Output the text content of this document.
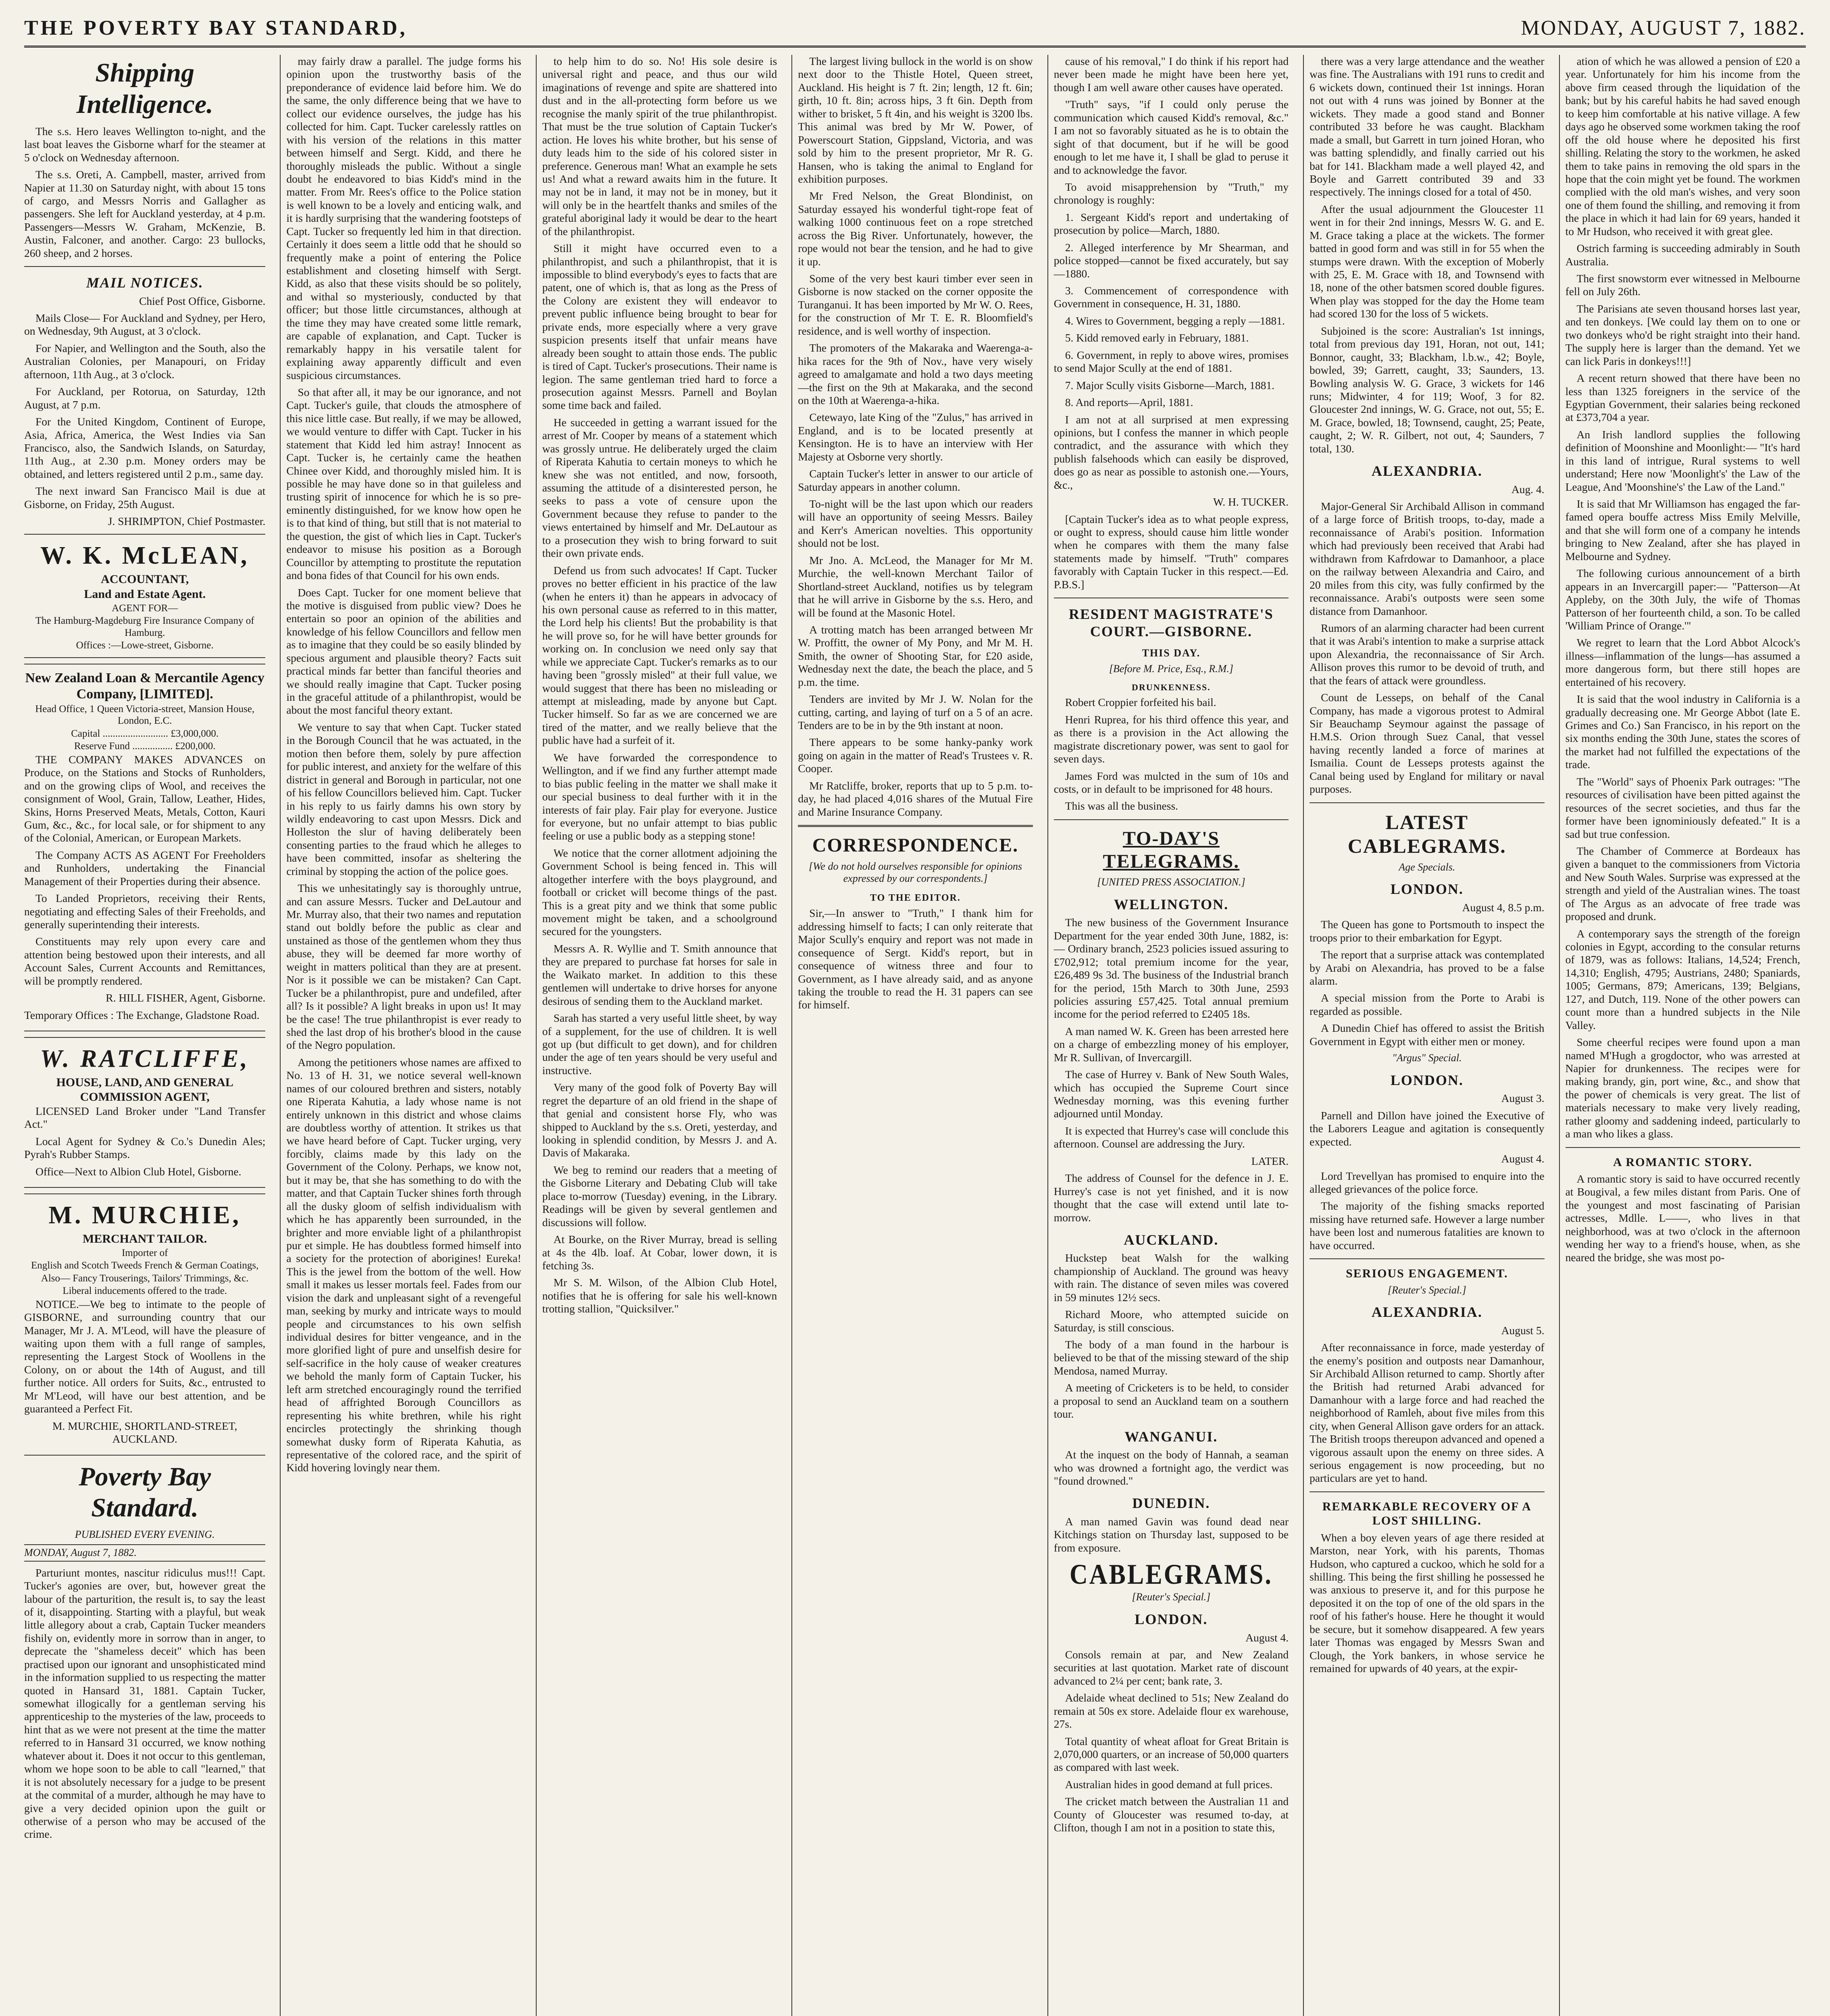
THE POVERTY BAY STANDARD,	MONDAY, AUGUST 7, 1882.
Shipping Intelligence.

The s.s. Hero leaves Wellington to-night, and the last boat leaves the Gisborne wharf for the steamer at 5 o'clock on Wednesday afternoon.

The s.s. Oreti, A. Campbell, master, arrived from Napier at 11.30 on Saturday night, with about 15 tons of cargo, and Messrs Norris and Gallagher as passengers. She left for Auckland yesterday, at 4 p.m. Passengers—Messrs W. Graham, McKenzie, B. Austin, Falconer, and another. Cargo: 23 bullocks, 260 sheep, and 2 horses.

MAIL NOTICES.

Chief Post Office, Gisborne.

Mails Close— For Auckland and Sydney, per Hero, on Wednesday, 9th August, at 3 o'clock.

For Napier, and Wellington and the South, also the Australian Colonies, per Manapouri, on Friday afternoon, 11th Aug., at 3 o'clock.

For Auckland, per Rotorua, on Saturday, 12th August, at 7 p.m.

For the United Kingdom, Continent of Europe, Asia, Africa, America, the West Indies via San Francisco, also, the Sandwich Islands, on Saturday, 11th Aug., at 2.30 p.m. Money orders may be obtained, and letters registered until 2 p.m., same day.

The next inward San Francisco Mail is due at Gisborne, on Friday, 25th August.

J. SHRIMPTON, Chief Postmaster.

W. K. McLEAN,
ACCOUNTANT,
Land and Estate Agent.
AGENT FOR—
The Hamburg-Magdeburg Fire Insurance Company of Hamburg.
Offices :—Lowe-street, Gisborne.
New Zealand Loan & Mercantile Agency Company, [LIMITED].
Head Office, 1 Queen Victoria-street, Mansion House, London, E.C.
Capital .......................... £3,000,000.
Reserve Fund ................ £200,000.

THE COMPANY MAKES ADVANCES on Produce, on the Stations and Stocks of Runholders, and on the growing clips of Wool, and receives the consignment of Wool, Grain, Tallow, Leather, Hides, Skins, Horns Preserved Meats, Metals, Cotton, Kauri Gum, &c., &c., for local sale, or for shipment to any of the Colonial, American, or European Markets.

The Company ACTS AS AGENT For Freeholders and Runholders, undertaking the Financial Management of their Properties during their absence.

To Landed Proprietors, receiving their Rents, negotiating and effecting Sales of their Freeholds, and generally superintending their interests.

Constituents may rely upon every care and attention being bestowed upon their interests, and all Account Sales, Current Accounts and Remittances, will be promptly rendered.

R. HILL FISHER, Agent, Gisborne.

Temporary Offices : The Exchange, Gladstone Road.

W. RATCLIFFE,
HOUSE, LAND, AND GENERAL COMMISSION AGENT,

LICENSED Land Broker under "Land Transfer Act."

Local Agent for Sydney & Co.'s Dunedin Ales; Pyrah's Rubber Stamps.

Office—Next to Albion Club Hotel, Gisborne.

M. MURCHIE,
MERCHANT TAILOR.
Importer of
English and Scotch Tweeds French & German Coatings,
Also— Fancy Trouserings, Tailors' Trimmings, &c.
Liberal inducements offered to the trade.

NOTICE.—We beg to intimate to the people of GISBORNE, and surrounding country that our Manager, Mr J. A. M'Leod, will have the pleasure of waiting upon them with a full range of samples, representing the Largest Stock of Woollens in the Colony, on or about the 14th of August, and till further notice. All orders for Suits, &c., entrusted to Mr M'Leod, will have our best attention, and be guaranteed a Perfect Fit.

M. MURCHIE, SHORTLAND-STREET, AUCKLAND.

Poverty Bay Standard.
PUBLISHED EVERY EVENING.
MONDAY, August 7, 1882.

Parturiunt montes, nascitur ridiculus mus!!! Capt. Tucker's agonies are over, but, however great the labour of the parturition, the result is, to say the least of it, disappointing. Starting with a playful, but weak little allegory about a crab, Captain Tucker meanders fishily on, evidently more in sorrow than in anger, to deprecate the "shameless deceit" which has been practised upon our ignorant and unsophisticated mind in the information supplied to us respecting the matter quoted in Hansard 31, 1881. Captain Tucker, somewhat illogically for a gentleman serving his apprenticeship to the mysteries of the law, proceeds to hint that as we were not present at the time the matter referred to in Hansard 31 occurred, we know nothing whatever about it. Does it not occur to this gentleman, whom we hope soon to be able to call "learned," that it is not absolutely necessary for a judge to be present at the commital of a murder, although he may have to give a very decided opinion upon the guilt or otherwise of a person who may be accused of the crime.

may fairly draw a parallel. The judge forms his opinion upon the trustworthy basis of the preponderance of evidence laid before him. We do the same, the only difference being that we have to collect our evidence ourselves, the judge has his collected for him. Capt. Tucker carelessly rattles on with his version of the relations in this matter between himself and Sergt. Kidd, and there he thoroughly misleads the public. Without a single doubt he endeavored to bias Kidd's mind in the matter. From Mr. Rees's office to the Police station is well known to be a lovely and enticing walk, and it is hardly surprising that the wandering footsteps of Capt. Tucker so frequently led him in that direction. Certainly it does seem a little odd that he should so frequently make a point of entering the Police establishment and closeting himself with Sergt. Kidd, as also that these visits should be so politely, and withal so mysteriously, conducted by that officer; but those little circumstances, although at the time they may have created some little remark, are capable of explanation, and Capt. Tucker is remarkably happy in his versatile talent for explaining away apparently difficult and even suspicious circumstances.

So that after all, it may be our ignorance, and not Capt. Tucker's guile, that clouds the atmosphere of this nice little case. But really, if we may be allowed, we would venture to differ with Capt. Tucker in his statement that Kidd led him astray! Innocent as Capt. Tucker is, he certainly came the heathen Chinee over Kidd, and thoroughly misled him. It is possible he may have done so in that guileless and trusting spirit of innocence for which he is so pre-eminently distinguished, for we know how open he is to that kind of thing, but still that is not material to the question, the gist of which lies in Capt. Tucker's endeavor to misuse his position as a Borough Councillor by attempting to prostitute the reputation and bona fides of that Council for his own ends.

Does Capt. Tucker for one moment believe that the motive is disguised from public view? Does he entertain so poor an opinion of the abilities and knowledge of his fellow Councillors and fellow men as to imagine that they could be so easily blinded by specious argument and plausible theory? Facts suit practical minds far better than fanciful theories and we should really imagine that Capt. Tucker posing in the graceful attitude of a philanthropist, would be about the most fanciful theory extant.

We venture to say that when Capt. Tucker stated in the Borough Council that he was actuated, in the motion then before them, solely by pure affection for public interest, and anxiety for the welfare of this district in general and Borough in particular, not one of his fellow Councillors believed him. Capt. Tucker in his reply to us fairly damns his own story by wildly endeavoring to cast upon Messrs. Dick and Holleston the slur of having deliberately been consenting parties to the fraud which he alleges to have been committed, insofar as sheltering the criminal by stopping the action of the police goes.

This we unhesitatingly say is thoroughly untrue, and can assure Messrs. Tucker and DeLautour and Mr. Murray also, that their two names and reputation stand out boldly before the public as clear and unstained as those of the gentlemen whom they thus abuse, they will be deemed far more worthy of weight in matters political than they are at present. Nor is it possible we can be mistaken? Can Capt. Tucker be a philanthropist, pure and undefiled, after all? Is it possible? A light breaks in upon us! It may be the case! The true philanthropist is ever ready to shed the last drop of his brother's blood in the cause of the Negro population.

Among the petitioners whose names are affixed to No. 13 of H. 31, we notice several well-known names of our coloured brethren and sisters, notably one Riperata Kahutia, a lady whose name is not entirely unknown in this district and whose claims are doubtless worthy of attention. It strikes us that we have heard before of Capt. Tucker urging, very forcibly, claims made by this lady on the Government of the Colony. Perhaps, we know not, but it may be, that she has something to do with the matter, and that Captain Tucker shines forth through all the dusky gloom of selfish individualism with which he has apparently been surrounded, in the brighter and more enviable light of a philanthropist pur et simple. He has doubtless formed himself into a society for the protection of aborigines! Eureka! This is the jewel from the bottom of the well. How small it makes us lesser mortals feel. Fades from our vision the dark and unpleasant sight of a revengeful man, seeking by murky and intricate ways to mould people and circumstances to his own selfish individual desires for bitter vengeance, and in the more glorified light of pure and unselfish desire for self-sacrifice in the holy cause of weaker creatures we behold the manly form of Captain Tucker, his left arm stretched encouragingly round the terrified head of affrighted Borough Councillors as representing his white brethren, while his right encircles protectingly the shrinking though somewhat dusky form of Riperata Kahutia, as representative of the colored race, and the spirit of Kidd hovering lovingly near them.

to help him to do so. No! His sole desire is universal right and peace, and thus our wild imaginations of revenge and spite are shattered into dust and in the all-protecting form before us we recognise the manly spirit of the true philanthropist. That must be the true solution of Captain Tucker's action. He loves his white brother, but his sense of duty leads him to the side of his colored sister in preference. Generous man! What an example he sets us! And what a reward awaits him in the future. It may not be in land, it may not be in money, but it will only be in the heartfelt thanks and smiles of the grateful aboriginal lady it would be dear to the heart of the philanthropist.

Still it might have occurred even to a philanthropist, and such a philanthropist, that it is impossible to blind everybody's eyes to facts that are patent, one of which is, that as long as the Press of the Colony are existent they will endeavor to prevent public influence being brought to bear for private ends, more especially where a very grave suspicion presents itself that unfair means have already been sought to attain those ends. The public is tired of Capt. Tucker's prosecutions. Their name is legion. The same gentleman tried hard to force a prosecution against Messrs. Parnell and Boylan some time back and failed.

He succeeded in getting a warrant issued for the arrest of Mr. Cooper by means of a statement which was grossly untrue. He deliberately urged the claim of Riperata Kahutia to certain moneys to which he knew she was not entitled, and now, forsooth, assuming the attitude of a disinterested person, he seeks to pass a vote of censure upon the Government because they refuse to pander to the views entertained by himself and Mr. DeLautour as to a prosecution they wish to bring forward to suit their own private ends.

Defend us from such advocates! If Capt. Tucker proves no better efficient in his practice of the law (when he enters it) than he appears in advocacy of his own personal cause as referred to in this matter, the Lord help his clients! But the probability is that he will prove so, for he will have better grounds for working on. In conclusion we need only say that while we appreciate Capt. Tucker's remarks as to our having been "grossly misled" at their full value, we would suggest that there has been no misleading or attempt at misleading, made by anyone but Capt. Tucker himself. So far as we are concerned we are tired of the matter, and we really believe that the public have had a surfeit of it.

We have forwarded the correspondence to Wellington, and if we find any further attempt made to bias public feeling in the matter we shall make it our special business to deal further with it in the interests of fair play. Fair play for everyone. Justice for everyone, but no unfair attempt to bias public feeling or use a public body as a stepping stone!

We notice that the corner allotment adjoining the Government School is being fenced in. This will altogether interfere with the boys playground, and football or cricket will become things of the past. This is a great pity and we think that some public movement might be taken, and a schoolground secured for the youngsters.

Messrs A. R. Wyllie and T. Smith announce that they are prepared to purchase fat horses for sale in the Waikato market. In addition to this these gentlemen will undertake to drive horses for anyone desirous of sending them to the Auckland market.

Sarah has started a very useful little sheet, by way of a supplement, for the use of children. It is well got up (but difficult to get down), and for children under the age of ten years should be very useful and instructive.

Very many of the good folk of Poverty Bay will regret the departure of an old friend in the shape of that genial and consistent horse Fly, who was shipped to Auckland by the s.s. Oreti, yesterday, and looking in splendid condition, by Messrs J. and A. Davis of Makaraka.

We beg to remind our readers that a meeting of the Gisborne Literary and Debating Club will take place to-morrow (Tuesday) evening, in the Library. Readings will be given by several gentlemen and discussions will follow.

At Bourke, on the River Murray, bread is selling at 4s the 4lb. loaf. At Cobar, lower down, it is fetching 3s.

Mr S. M. Wilson, of the Albion Club Hotel, notifies that he is offering for sale his well-known trotting stallion, "Quicksilver."

The largest living bullock in the world is on show next door to the Thistle Hotel, Queen street, Auckland. His height is 7 ft. 2in; length, 12 ft. 6in; girth, 10 ft. 8in; across hips, 3 ft 6in. Depth from wither to brisket, 5 ft 4in, and his weight is 3200 lbs. This animal was bred by Mr W. Power, of Powerscourt Station, Gippsland, Victoria, and was sold by him to the present proprietor, Mr R. G. Hansen, who is taking the animal to England for exhibition purposes.

Mr Fred Nelson, the Great Blondinist, on Saturday essayed his wonderful tight-rope feat of walking 1000 continuous feet on a rope stretched across the Big River. Unfortunately, however, the rope would not bear the tension, and he had to give it up.

Some of the very best kauri timber ever seen in Gisborne is now stacked on the corner opposite the Turanganui. It has been imported by Mr W. O. Rees, for the construction of Mr T. E. R. Bloomfield's residence, and is well worthy of inspection.

The promoters of the Makaraka and Waerenga-a-hika races for the 9th of Nov., have very wisely agreed to amalgamate and hold a two days meeting—the first on the 9th at Makaraka, and the second on the 10th at Waerenga-a-hika.

Cetewayo, late King of the "Zulus," has arrived in England, and is to be located presently at Kensington. He is to have an interview with Her Majesty at Osborne very shortly.

Captain Tucker's letter in answer to our article of Saturday appears in another column.

To-night will be the last upon which our readers will have an opportunity of seeing Messrs. Bailey and Kerr's American novelties. This opportunity should not be lost.

Mr Jno. A. McLeod, the Manager for Mr M. Murchie, the well-known Merchant Tailor of Shortland-street Auckland, notifies us by telegram that he will arrive in Gisborne by the s.s. Hero, and will be found at the Masonic Hotel.

A trotting match has been arranged between Mr W. Proffitt, the owner of My Pony, and Mr M. H. Smith, the owner of Shooting Star, for £20 aside, Wednesday next the date, the beach the place, and 5 p.m. the time.

Tenders are invited by Mr J. W. Nolan for the cutting, carting, and laying of turf on a 5 of an acre. Tenders are to be in by the 9th instant at noon.

There appears to be some hanky-panky work going on again in the matter of Read's Trustees v. R. Cooper.

Mr Ratcliffe, broker, reports that up to 5 p.m. to-day, he had placed 4,016 shares of the Mutual Fire and Marine Insurance Company.

CORRESPONDENCE.
[We do not hold ourselves responsible for opinions expressed by our correspondents.]
TO THE EDITOR.

Sir,—In answer to "Truth," I thank him for addressing himself to facts; I can only reiterate that Major Scully's enquiry and report was not made in consequence of Sergt. Kidd's report, but in consequence of witness three and four to Government, as I have already said, and as anyone taking the trouble to read the H. 31 papers can see for himself.

cause of his removal," I do think if his report had never been made he might have been here yet, though I am well aware other causes have operated.

"Truth" says, "if I could only peruse the communication which caused Kidd's removal, &c." I am not so favorably situated as he is to obtain the sight of that document, but if he will be good enough to let me have it, I shall be glad to peruse it and to acknowledge the favor.

To avoid misapprehension by "Truth," my chronology is roughly:

1. Sergeant Kidd's report and undertaking of prosecution by police—March, 1880.

2. Alleged interference by Mr Shearman, and police stopped—cannot be fixed accurately, but say—1880.

3. Commencement of correspondence with Government in consequence, H. 31, 1880.

4. Wires to Government, begging a reply —1881.

5. Kidd removed early in February, 1881.

6. Government, in reply to above wires, promises to send Major Scully at the end of 1881.

7. Major Scully visits Gisborne—March, 1881.

8. And reports—April, 1881.

I am not at all surprised at men expressing opinions, but I confess the manner in which people contradict, and the assurance with which they publish falsehoods which can easily be disproved, does go as near as possible to astonish one.—Yours, &c.,

W. H. TUCKER.

[Captain Tucker's idea as to what people express, or ought to express, should cause him little wonder when he compares with them the many false statements made by himself. "Truth" compares favorably with Captain Tucker in this respect.—Ed. P.B.S.]

RESIDENT MAGISTRATE'S COURT.—GISBORNE.
THIS DAY.
[Before M. Price, Esq., R.M.]
DRUNKENNESS.

Robert Croppier forfeited his bail.

Henri Ruprea, for his third offence this year, and as there is a provision in the Act allowing the magistrate discretionary power, was sent to gaol for seven days.

James Ford was mulcted in the sum of 10s and costs, or in default to be imprisoned for 48 hours.

This was all the business.

TO-DAY'S TELEGRAMS.
[UNITED PRESS ASSOCIATION.]
WELLINGTON.

The new business of the Government Insurance Department for the year ended 30th June, 1882, is:— Ordinary branch, 2523 policies issued assuring to £702,912; total premium income for the year, £26,489 9s 3d. The business of the Industrial branch for the period, 15th March to 30th June, 2593 policies assuring £57,425. Total annual premium income for the period referred to £2405 18s.

A man named W. K. Green has been arrested here on a charge of embezzling money of his employer, Mr R. Sullivan, of Invercargill.

The case of Hurrey v. Bank of New South Wales, which has occupied the Supreme Court since Wednesday morning, was this evening further adjourned until Monday.

It is expected that Hurrey's case will conclude this afternoon. Counsel are addressing the Jury.

LATER.

The address of Counsel for the defence in J. E. Hurrey's case is not yet finished, and it is now thought that the case will extend until late to-morrow.

AUCKLAND.

Huckstep beat Walsh for the walking championship of Auckland. The ground was heavy with rain. The distance of seven miles was covered in 59 minutes 12½ secs.

Richard Moore, who attempted suicide on Saturday, is still conscious.

The body of a man found in the harbour is believed to be that of the missing steward of the ship Mendosa, named Murray.

A meeting of Cricketers is to be held, to consider a proposal to send an Auckland team on a southern tour.

WANGANUI.

At the inquest on the body of Hannah, a seaman who was drowned a fortnight ago, the verdict was "found drowned."

DUNEDIN.

A man named Gavin was found dead near Kitchings station on Thursday last, supposed to be from exposure.

CABLEGRAMS.
[Reuter's Special.]
LONDON.

August 4.

Consols remain at par, and New Zealand securities at last quotation. Market rate of discount advanced to 2¼ per cent; bank rate, 3.

Adelaide wheat declined to 51s; New Zealand do remain at 50s ex store. Adelaide flour ex warehouse, 27s.

Total quantity of wheat afloat for Great Britain is 2,070,000 quarters, or an increase of 50,000 quarters as compared with last week.

Australian hides in good demand at full prices.

The cricket match between the Australian 11 and County of Gloucester was resumed to-day, at Clifton, though I am not in a position to state this,

there was a very large attendance and the weather was fine. The Australians with 191 runs to credit and 6 wickets down, continued their 1st innings. Horan not out with 4 runs was joined by Bonner at the wickets. They made a good stand and Bonner contributed 33 before he was caught. Blackham made a small, but Garrett in turn joined Horan, who was batting splendidly, and finally carried out his bat for 141. Blackham made a well played 42, and Boyle and Garrett contributed 39 and 33 respectively. The innings closed for a total of 450.

After the usual adjournment the Gloucester 11 went in for their 2nd innings, Messrs W. G. and E. M. Grace taking a place at the wickets. The former batted in good form and was still in for 55 when the stumps were drawn. With the exception of Moberly with 25, E. M. Grace with 18, and Townsend with 18, none of the other batsmen scored double figures. When play was stopped for the day the Home team had scored 130 for the loss of 5 wickets.

Subjoined is the score: Australian's 1st innings, total from previous day 191, Horan, not out, 141; Bonnor, caught, 33; Blackham, l.b.w., 42; Boyle, bowled, 39; Garrett, caught, 33; Saunders, 13. Bowling analysis W. G. Grace, 3 wickets for 146 runs; Midwinter, 4 for 119; Woof, 3 for 82. Gloucester 2nd innings, W. G. Grace, not out, 55; E. M. Grace, bowled, 18; Townsend, caught, 25; Peate, caught, 2; W. R. Gilbert, not out, 4; Saunders, 7 total, 130.

ALEXANDRIA.

Aug. 4.

Major-General Sir Archibald Allison in command of a large force of British troops, to-day, made a reconnaissance of Arabi's position. Information which had previously been received that Arabi had withdrawn from Kafrdowar to Damanhoor, a place on the railway between Alexandria and Cairo, and 20 miles from this city, was fully confirmed by the reconnaissance. Arabi's outposts were seen some distance from Damanhoor.

Rumors of an alarming character had been current that it was Arabi's intention to make a surprise attack upon Alexandria, the reconnaissance of Sir Arch. Allison proves this rumor to be devoid of truth, and that the fears of attack were groundless.

Count de Lesseps, on behalf of the Canal Company, has made a vigorous protest to Admiral Sir Beauchamp Seymour against the passage of H.M.S. Orion through Suez Canal, that vessel having recently landed a force of marines at Ismailia. Count de Lesseps protests against the Canal being used by England for military or naval purposes.

LATEST CABLEGRAMS.
Age Specials.
LONDON.

August 4, 8.5 p.m.

The Queen has gone to Portsmouth to inspect the troops prior to their embarkation for Egypt.

The report that a surprise attack was contemplated by Arabi on Alexandria, has proved to be a false alarm.

A special mission from the Porte to Arabi is regarded as possible.

A Dunedin Chief has offered to assist the British Government in Egypt with either men or money.

"Argus" Special.
LONDON.

August 3.

Parnell and Dillon have joined the Executive of the Laborers League and agitation is consequently expected.

August 4.

Lord Trevellyan has promised to enquire into the alleged grievances of the police force.

The majority of the fishing smacks reported missing have returned safe. However a large number have been lost and numerous fatalities are known to have occurred.

SERIOUS ENGAGEMENT.
[Reuter's Special.]
ALEXANDRIA.

August 5.

After reconnaissance in force, made yesterday of the enemy's position and outposts near Damanhour, Sir Archibald Allison returned to camp. Shortly after the British had returned Arabi advanced for Damanhour with a large force and had reached the neighborhood of Ramleh, about five miles from this city, when General Allison gave orders for an attack. The British troops thereupon advanced and opened a vigorous assault upon the enemy on three sides. A serious engagement is now proceeding, but no particulars are yet to hand.

REMARKABLE RECOVERY OF A LOST SHILLING.

When a boy eleven years of age there resided at Marston, near York, with his parents, Thomas Hudson, who captured a cuckoo, which he sold for a shilling. This being the first shilling he possessed he was anxious to preserve it, and for this purpose he deposited it on the top of one of the old spars in the roof of his father's house. Here he thought it would be secure, but it somehow disappeared. A few years later Thomas was engaged by Messrs Swan and Clough, the York bankers, in whose service he remained for upwards of 40 years, at the expir-

ation of which he was allowed a pension of £20 a year. Unfortunately for him his income from the above firm ceased through the liquidation of the bank; but by his careful habits he had saved enough to keep him comfortable at his native village. A few days ago he observed some workmen taking the roof off the old house where he deposited his first shilling. Relating the story to the workmen, he asked them to take pains in removing the old spars in the hope that the coin might yet be found. The workmen complied with the old man's wishes, and very soon one of them found the shilling, and removing it from the place in which it had lain for 69 years, handed it to Mr Hudson, who received it with great glee.

Ostrich farming is succeeding admirably in South Australia.

The first snowstorm ever witnessed in Melbourne fell on July 26th.

The Parisians ate seven thousand horses last year, and ten donkeys. [We could lay them on to one or two donkeys who'd be right straight into their hand. The supply here is larger than the demand. Yet we can lick Paris in donkeys!!!]

A recent return showed that there have been no less than 1325 foreigners in the service of the Egyptian Government, their salaries being reckoned at £373,704 a year.

An Irish landlord supplies the following definition of Moonshine and Moonlight:— "It's hard in this land of intrigue, Rural systems to well understand; Here now 'Moonlight's' the Law of the League, And 'Moonshine's' the Law of the Land."

It is said that Mr Williamson has engaged the far-famed opera bouffe actress Miss Emily Melville, and that she will form one of a company he intends bringing to New Zealand, after she has played in Melbourne and Sydney.

The following curious announcement of a birth appears in an Invercargill paper:— "Patterson—At Appleby, on the 30th July, the wife of Thomas Patterson of her fourteenth child, a son. To be called 'William Prince of Orange.'"

We regret to learn that the Lord Abbot Alcock's illness—inflammation of the lungs—has assumed a more dangerous form, but there still hopes are entertained of his recovery.

It is said that the wool industry in California is a gradually decreasing one. Mr George Abbot (late E. Grimes and Co.) San Francisco, in his report on the six months ending the 30th June, states the scores of the market had not fulfilled the expectations of the trade.

The "World" says of Phoenix Park outrages: "The resources of civilisation have been pitted against the resources of the secret societies, and thus far the former have been ignominiously defeated." It is a sad but true confession.

The Chamber of Commerce at Bordeaux has given a banquet to the commissioners from Victoria and New South Wales. Surprise was expressed at the strength and yield of the Australian wines. The toast of The Argus as an advocate of free trade was proposed and drunk.

A contemporary says the strength of the foreign colonies in Egypt, according to the consular returns of 1879, was as follows: Italians, 14,524; French, 14,310; English, 4795; Austrians, 2480; Spaniards, 1005; Germans, 879; Americans, 139; Belgians, 127, and Dutch, 119. None of the other powers can count more than a hundred subjects in the Nile Valley.

Some cheerful recipes were found upon a man named M'Hugh a grogdoctor, who was arrested at Napier for drunkenness. The recipes were for making brandy, gin, port wine, &c., and show that the power of chemicals is very great. The list of materials necessary to make very lively reading, rather gloomy and saddening indeed, particularly to a man who likes a glass.

A ROMANTIC STORY.

A romantic story is said to have occurred recently at Bougival, a few miles distant from Paris. One of the youngest and most fascinating of Parisian actresses, Mdlle. L——, who lives in that neighborhood, was at two o'clock in the afternoon wending her way to a friend's house, when, as she neared the bridge, she was most po-
